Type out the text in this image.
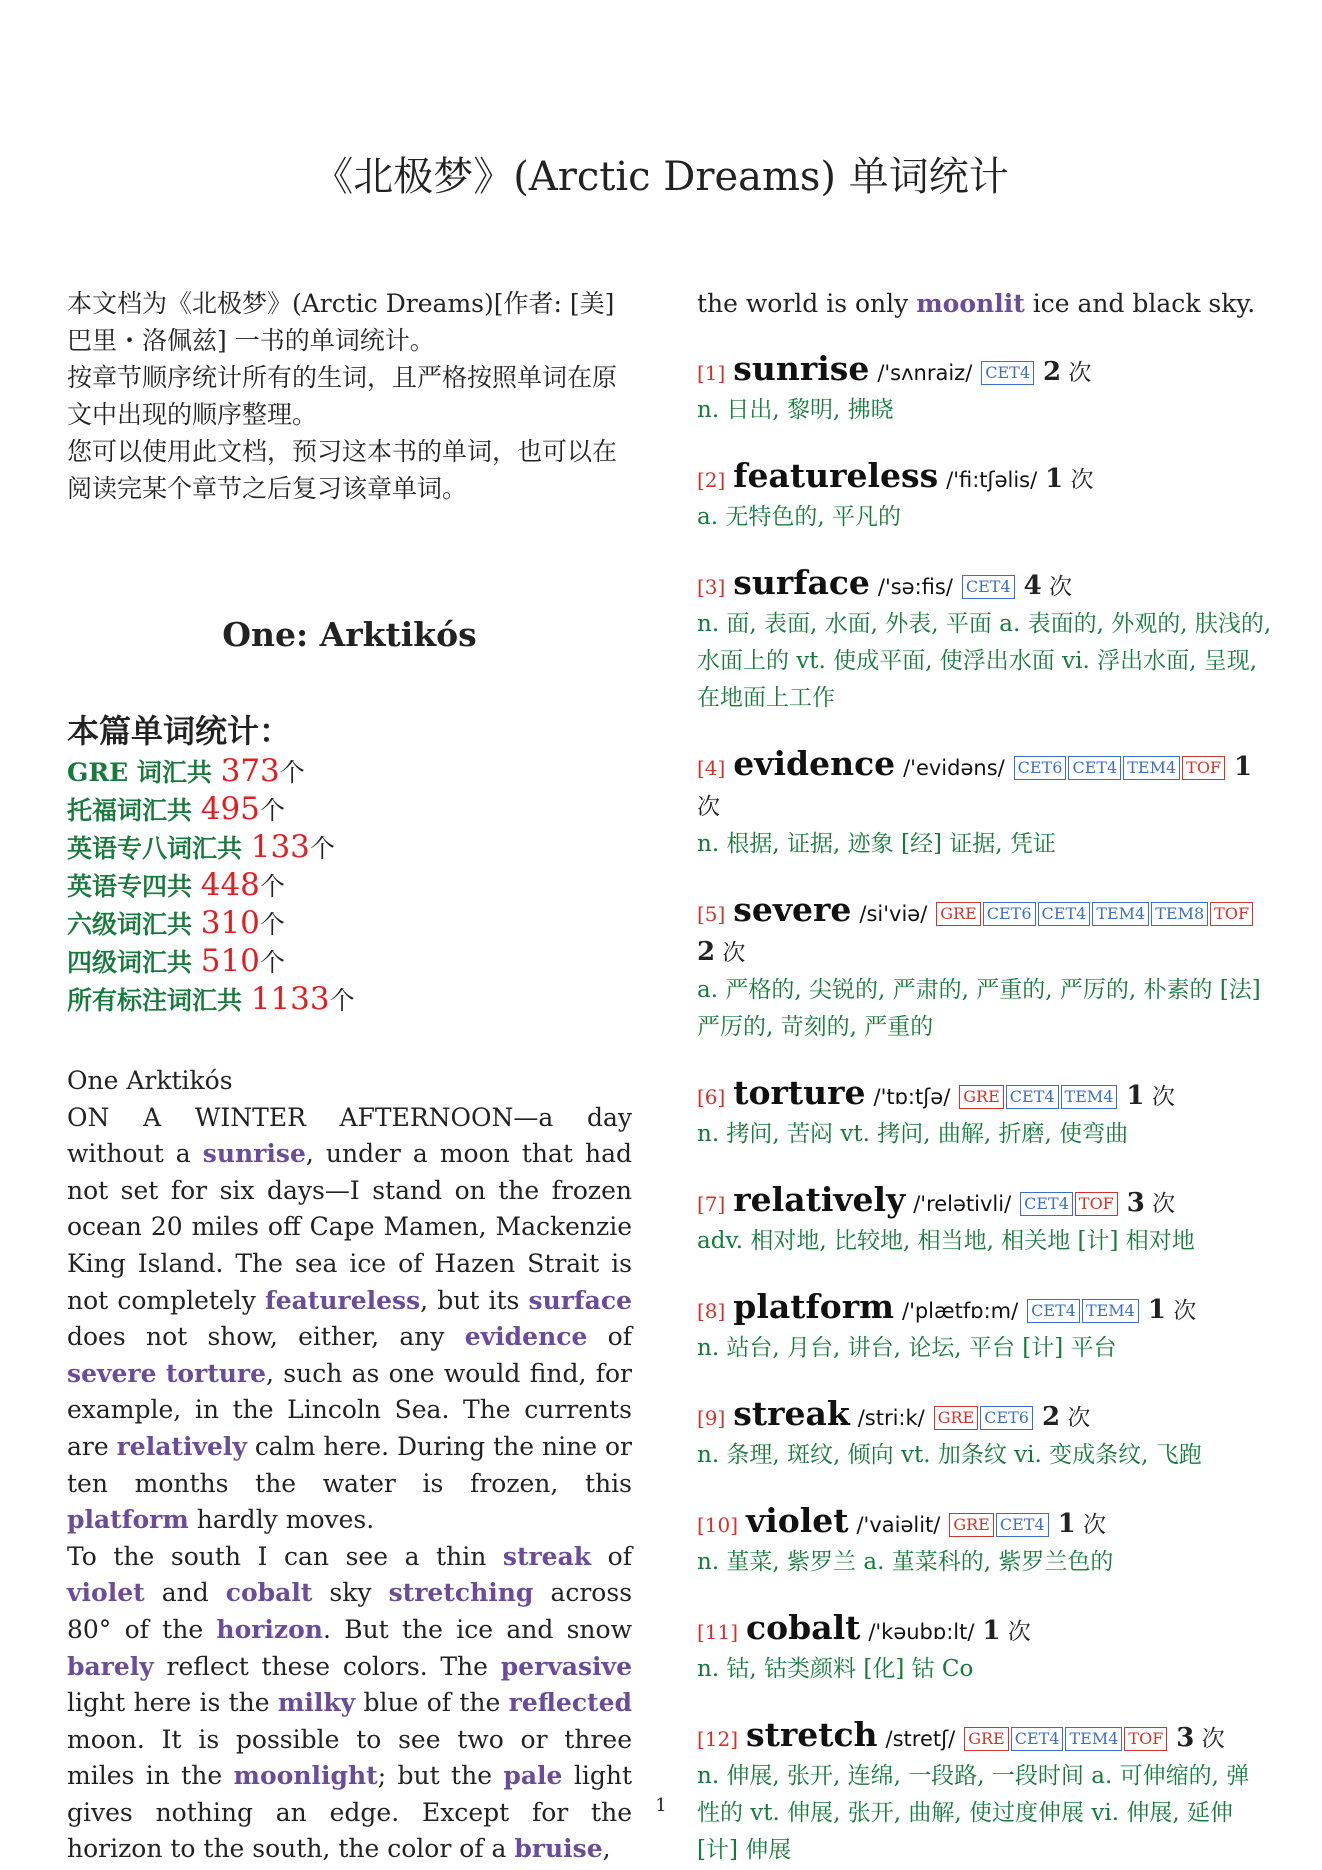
《北极梦》(Arctic Dreams) 单词统计

本文档为《北极梦》(Arctic Dreams)[作者: [美]巴里・洛佩兹] 一书的单词统计。

按章节顺序统计所有的生词，且严格按照单词在原文中出现的顺序整理。

您可以使用此文档，预习这本书的单词，也可以在阅读完某个章节之后复习该章单词。

One: Arktikós
本篇单词统计：
GRE 词汇共 373个
托福词汇共 495个
英语专八词汇共 133个
英语专四共 448个
六级词汇共 310个
四级词汇共 510个
所有标注词汇共 1133个

One Arktikós

ON A WINTER AFTERNOON—a day without a sunrise, under a moon that had not set for six days—I stand on the frozen ocean 20 miles off Cape Mamen, Mackenzie King Island. The sea ice of Hazen Strait is not completely featureless, but its surface does not show, either, any evidence of severe torture, such as one would find, for example, in the Lincoln Sea. The currents are relatively calm here. During the nine or ten months the water is frozen, this platform hardly moves.

To the south I can see a thin streak of violet and cobalt sky stretching across 80° of the horizon. But the ice and snow barely reflect these colors. The pervasive light here is the milky blue of the reflected moon. It is possible to see two or three miles in the moonlight; but the pale light gives nothing an edge. Except for the horizon to the south, the color of a bruise,

the world is only moonlit ice and black sky.

[1] sunrise /'sʌnraiz/ CET4 2 次
n. 日出, 黎明, 拂晓
[2] featureless /'fi:tʃəlis/ 1 次
a. 无特色的, 平凡的
[3] surface /'sə:fis/ CET4 4 次
n. 面, 表面, 水面, 外表, 平面 a. 表面的, 外观的, 肤浅的, 水面上的 vt. 使成平面, 使浮出水面 vi. 浮出水面, 呈现, 在地面上工作
[4] evidence /'evidəns/ CET6 CET4 TEM4 TOF 1 次
n. 根据, 证据, 迹象 [经] 证据, 凭证
[5] severe /si'viə/ GRE CET6 CET4 TEM4 TEM8 TOF 2 次
a. 严格的, 尖锐的, 严肃的, 严重的, 严厉的, 朴素的 [法] 严厉的, 苛刻的, 严重的
[6] torture /'tɒ:tʃə/ GRE CET4 TEM4 1 次
n. 拷问, 苦闷 vt. 拷问, 曲解, 折磨, 使弯曲
[7] relatively /'relətivli/ CET4 TOF 3 次
adv. 相对地, 比较地, 相当地, 相关地 [计] 相对地
[8] platform /'plætfɒ:m/ CET4 TEM4 1 次
n. 站台, 月台, 讲台, 论坛, 平台 [计] 平台
[9] streak /stri:k/ GRE CET6 2 次
n. 条理, 斑纹, 倾向 vt. 加条纹 vi. 变成条纹, 飞跑
[10] violet /'vaiəlit/ GRE CET4 1 次
n. 堇菜, 紫罗兰 a. 堇菜科的, 紫罗兰色的
[11] cobalt /'kəubɒ:lt/ 1 次
n. 钴, 钴类颜料 [化] 钴 Co
[12] stretch /stretʃ/ GRE CET4 TEM4 TOF 3 次
n. 伸展, 张开, 连绵, 一段路, 一段时间 a. 可伸缩的, 弹性的 vt. 伸展, 张开, 曲解, 使过度伸展 vi. 伸展, 延伸 [计] 伸展
1
